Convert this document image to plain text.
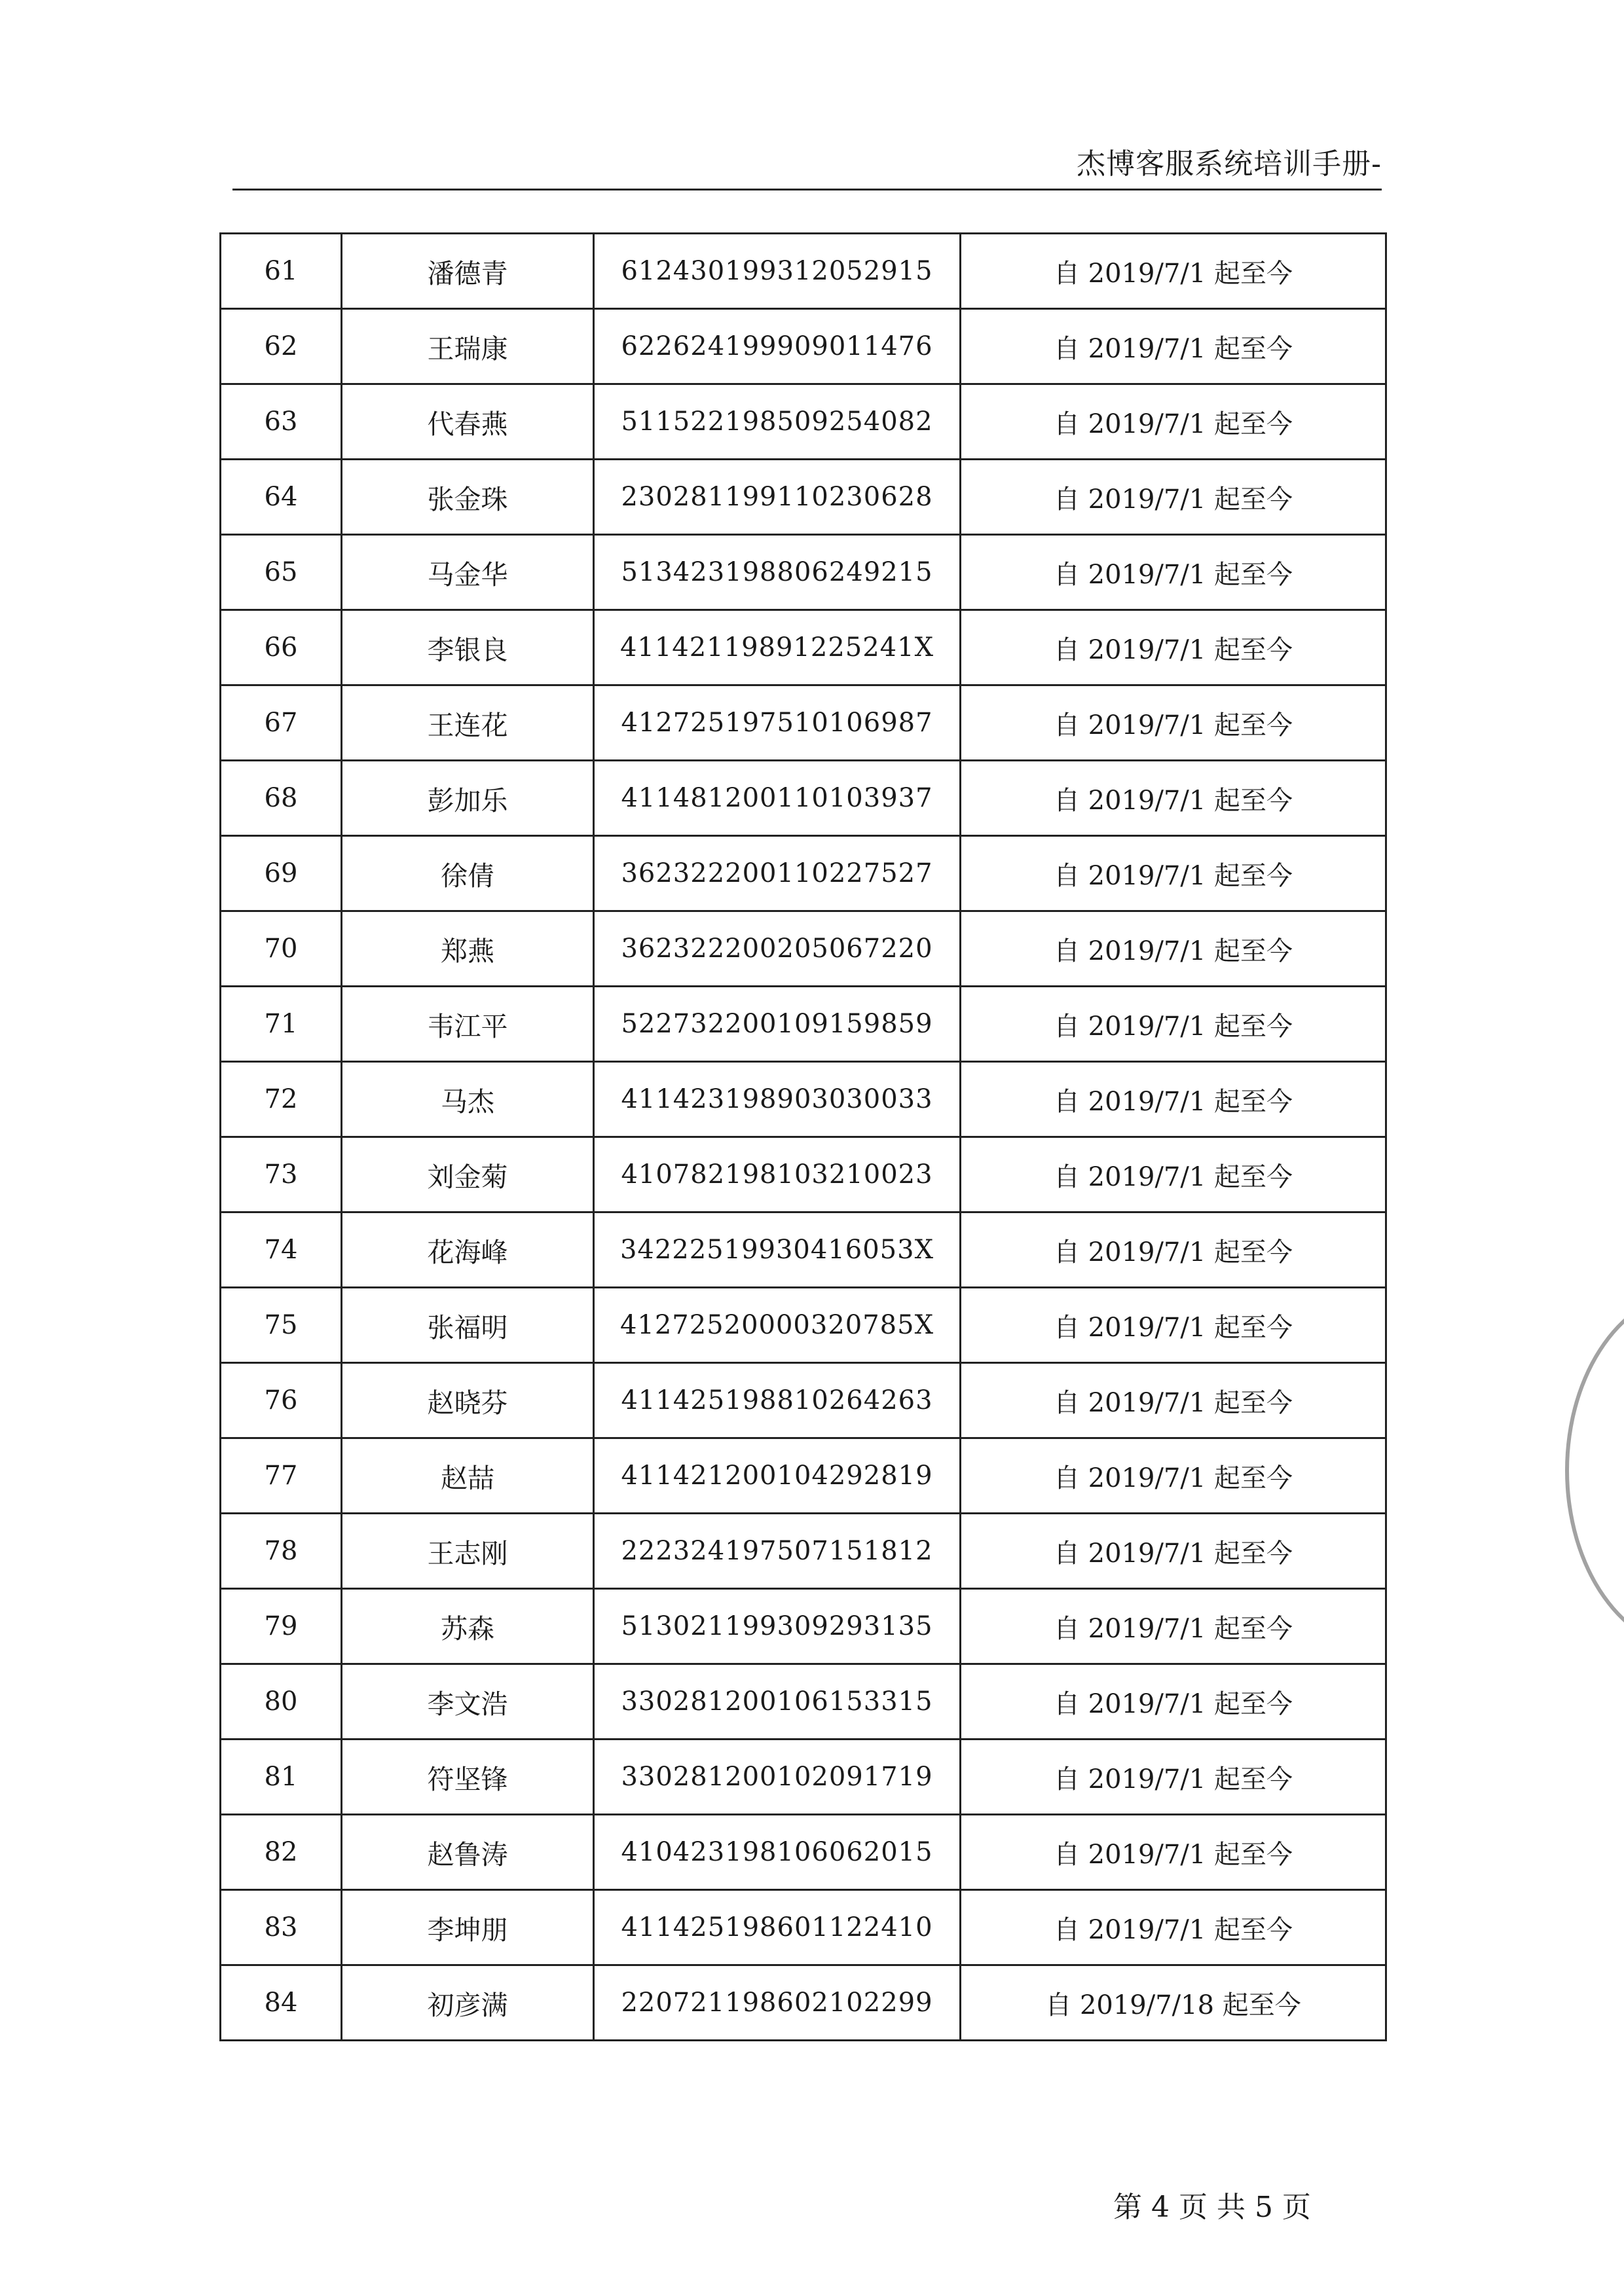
杰博客服系统培训手册-
61	潘德青	612430199312052915	自 2019/7/1 起至今
62	王瑞康	622624199909011476	自 2019/7/1 起至今
63	代春燕	511522198509254082	自 2019/7/1 起至今
64	张金珠	230281199110230628	自 2019/7/1 起至今
65	马金华	513423198806249215	自 2019/7/1 起至今
66	李银良	41142119891225241X	自 2019/7/1 起至今
67	王连花	412725197510106987	自 2019/7/1 起至今
68	彭加乐	411481200110103937	自 2019/7/1 起至今
69	徐倩	362322200110227527	自 2019/7/1 起至今
70	郑燕	362322200205067220	自 2019/7/1 起至今
71	韦江平	522732200109159859	自 2019/7/1 起至今
72	马杰	411423198903030033	自 2019/7/1 起至今
73	刘金菊	410782198103210023	自 2019/7/1 起至今
74	花海峰	34222519930416053X	自 2019/7/1 起至今
75	张福明	41272520000320785X	自 2019/7/1 起至今
76	赵晓芬	411425198810264263	自 2019/7/1 起至今
77	赵喆	411421200104292819	自 2019/7/1 起至今
78	王志刚	222324197507151812	自 2019/7/1 起至今
79	苏森	513021199309293135	自 2019/7/1 起至今
80	李文浩	330281200106153315	自 2019/7/1 起至今
81	符坚锋	330281200102091719	自 2019/7/1 起至今
82	赵鲁涛	410423198106062015	自 2019/7/1 起至今
83	李坤朋	411425198601122410	自 2019/7/1 起至今
84	初彦满	220721198602102299	自 2019/7/18 起至今
第 4 页 共 5 页
